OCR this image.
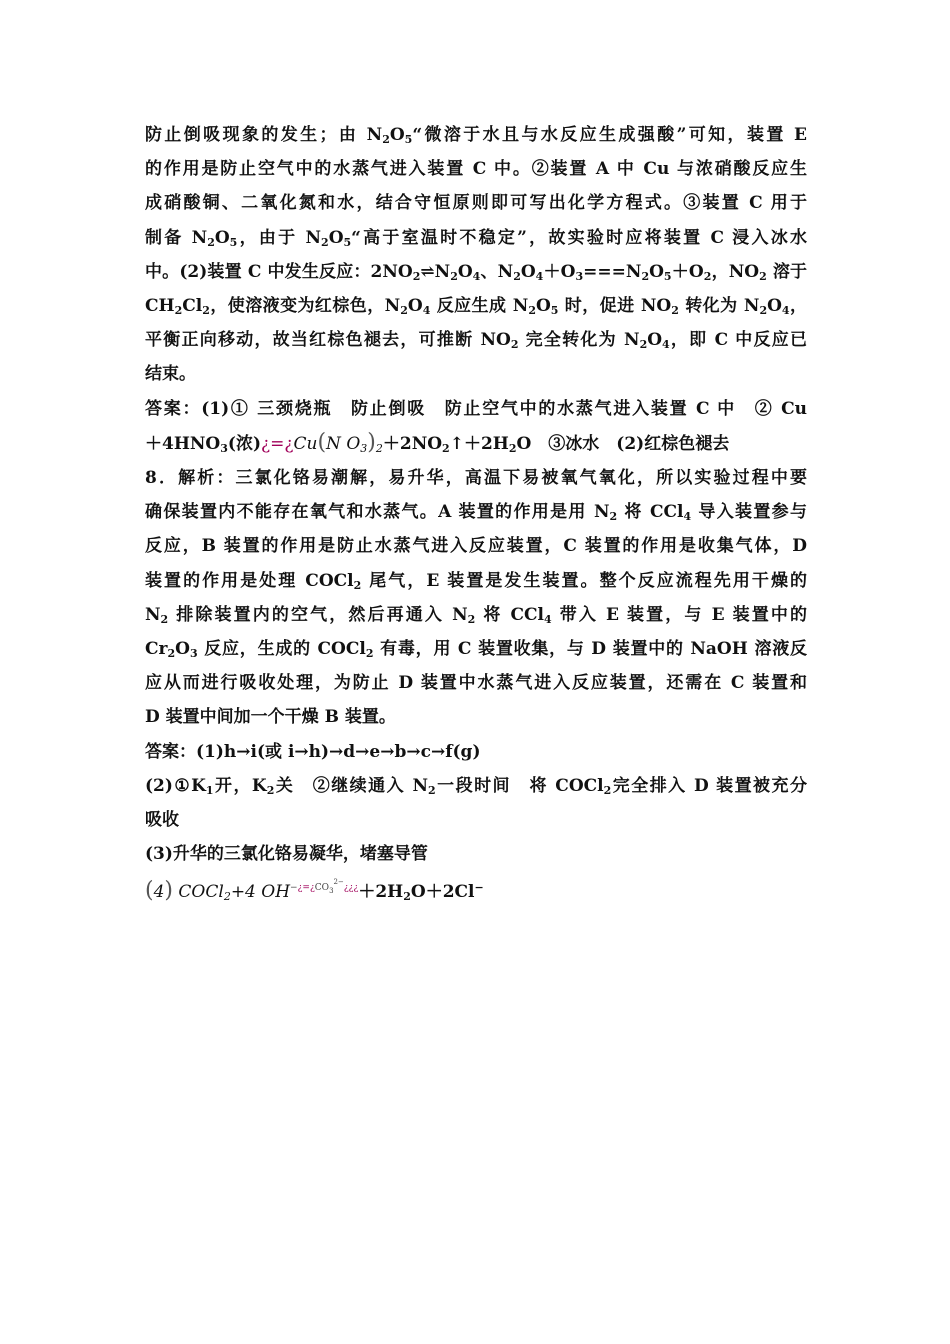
防止倒吸现象的发生；由 $N_2O_5“$微溶于水且与水反应生成强酸”可知，装置 E

的作用是防止空气中的水蒸气进入装置 C 中。②装置 A 中 Cu 与浓硝酸反应生

成硝酸铜、二氧化氮和水，结合守恒原则即可写出化学方程式。③装置 C 用于

制备 $N_2O_5$，由于 $N_2O_5“$高于室温时不稳定”，故实验时应将装置 C 浸入冰水

中。(2)装置 C 中发生反应：$2NO_2\rightleftharpoons N_2O_4$、$N_2O_4+O_3===N_2O_5+O_2$，$NO_2$ 溶于

$CH_2Cl_2$，使溶液变为红棕色，$N_2O_4$ 反应生成 $N_2O_5$ 时，促进 $NO_2$ 转化为 $N_2O_4$，

平衡正向移动，故当红棕色褪去，可推断 $NO_2$ 完全转化为 $N_2O_4$，即 C 中反应已

结束。

答案：(1)① 三颈烧瓶　防止倒吸　防止空气中的水蒸气进入装置 C 中　② Cu

$+4HNO_3$(浓)¿=¿Cu(N $O_3)_2+2NO_2↑+2H_2O$　③冰水　(2)红棕色褪去

8．解析：三氯化铬易潮解，易升华，高温下易被氧气氧化，所以实验过程中要

确保装置内不能存在氧气和水蒸气。A 装置的作用是用 $N_2$ 将 CCl$_4$ 导入装置参与

反应，B 装置的作用是防止水蒸气进入反应装置，C 装置的作用是收集气体，D

装置的作用是处理 COCl$_2$ 尾气，E 装置是发生装置。整个反应流程先用干燥的

$N_2$ 排除装置内的空气，然后再通入 $N_2$ 将 CCl$_4$ 带入 E 装置，与 E 装置中的

$Cr_2O_3$ 反应，生成的 COCl$_2$ 有毒，用 C 装置收集，与 D 装置中的 NaOH 溶液反

应从而进行吸收处理，为防止 D 装置中水蒸气进入反应装置，还需在 C 装置和

D 装置中间加一个干燥 B 装置。

答案：(1)h→i(或 i→h)→d→e→b→c→f(g)

$(2)①K_1$开，$K_2$关　②继续通入 $N_2$一段时间　将 COCl$_2$完全排入 D 装置被充分

吸收

(3)升华的三氯化铬易凝华，堵塞导管

(4) COCl$_2$+4 $OH^{-¿=¿CO_3^{2-}¿¿¿}+2H_2O+2Cl^-$
